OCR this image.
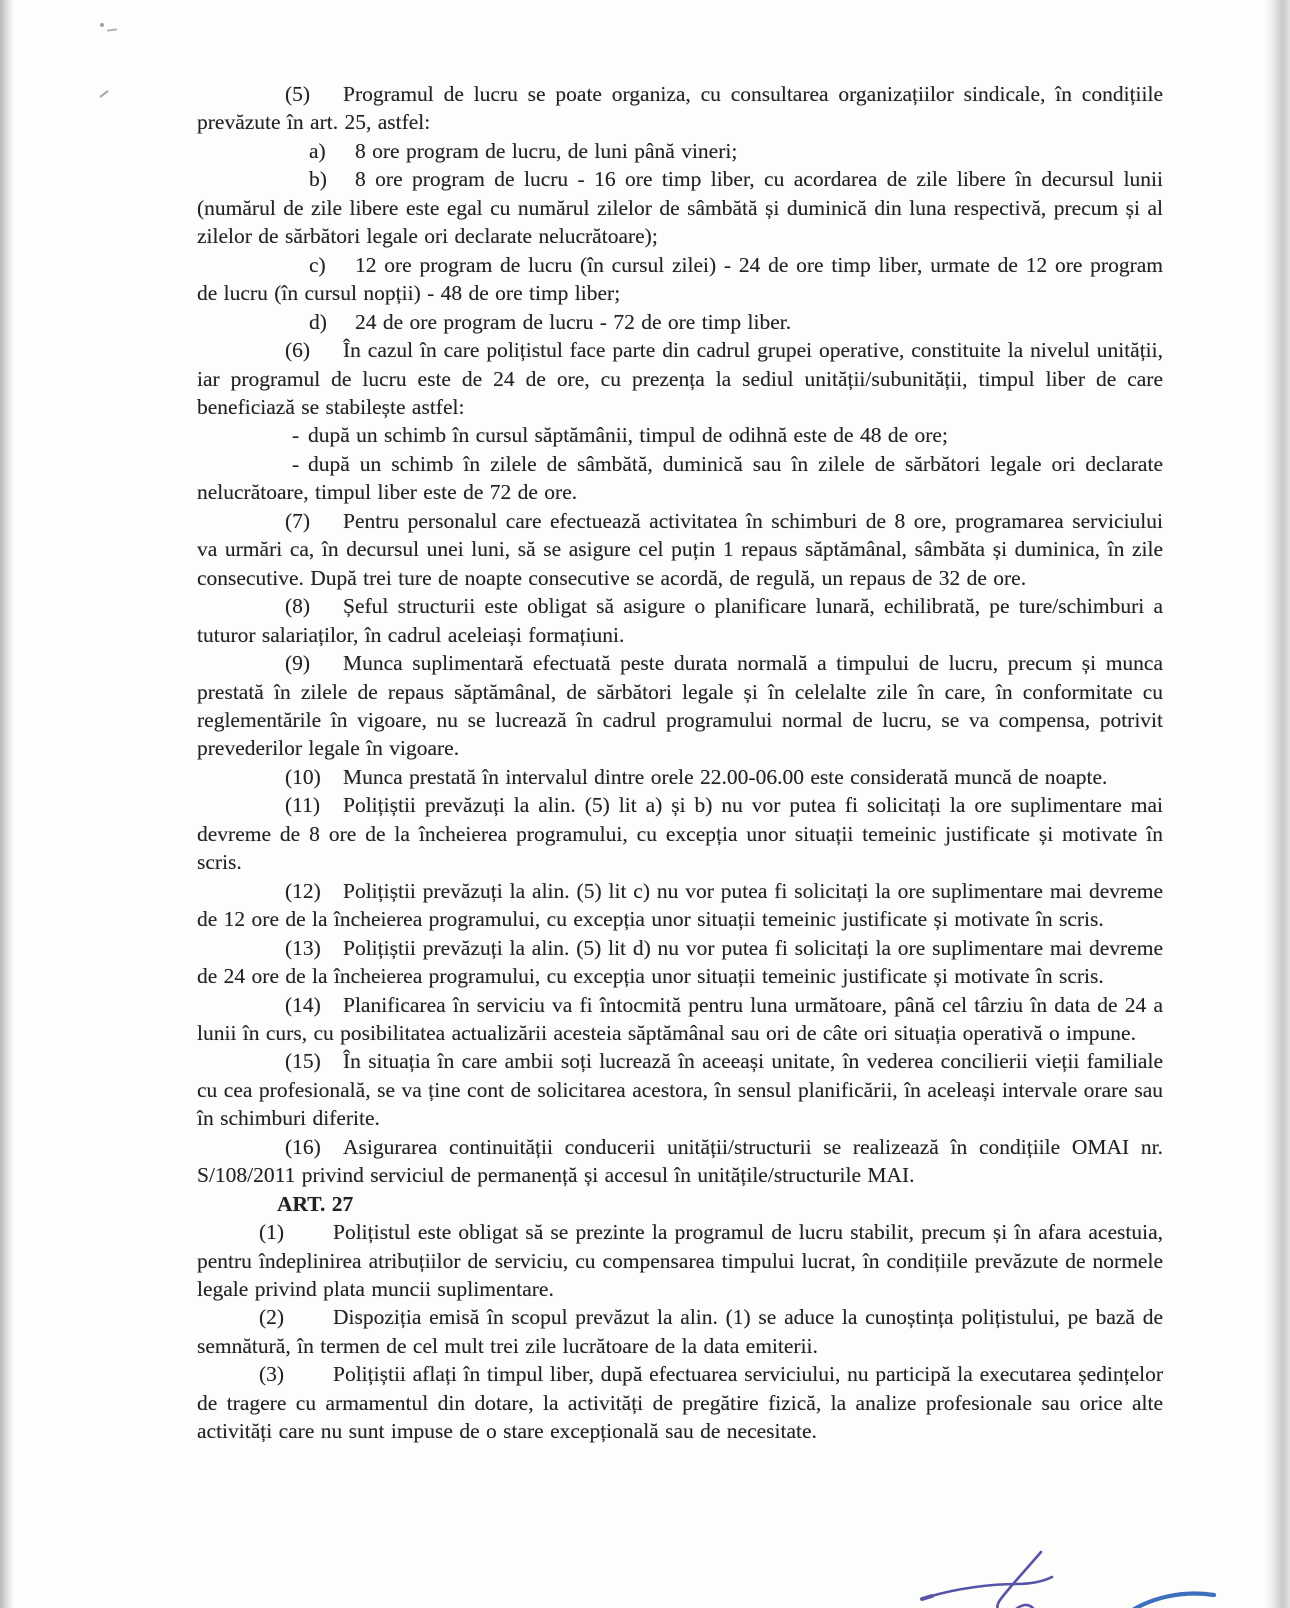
(5) Programul de lucru se poate organiza, cu consultarea organizațiilor sindicale, în condițiile prevăzute în art. 25, astfel:

a) 8 ore program de lucru, de luni până vineri;

b) 8 ore program de lucru - 16 ore timp liber, cu acordarea de zile libere în decursul lunii (numărul de zile libere este egal cu numărul zilelor de sâmbătă și duminică din luna respectivă, precum și al zilelor de sărbători legale ori declarate nelucrătoare);

c) 12 ore program de lucru (în cursul zilei) - 24 de ore timp liber, urmate de 12 ore program de lucru (în cursul nopții) - 48 de ore timp liber;

d) 24 de ore program de lucru - 72 de ore timp liber.

(6) În cazul în care polițistul face parte din cadrul grupei operative, constituite la nivelul unității, iar programul de lucru este de 24 de ore, cu prezența la sediul unității/subunității, timpul liber de care beneficiază se stabilește astfel:

- după un schimb în cursul săptămânii, timpul de odihnă este de 48 de ore;

- după un schimb în zilele de sâmbătă, duminică sau în zilele de sărbători legale ori declarate nelucrătoare, timpul liber este de 72 de ore.

(7) Pentru personalul care efectuează activitatea în schimburi de 8 ore, programarea serviciului va urmări ca, în decursul unei luni, să se asigure cel puțin 1 repaus săptămânal, sâmbăta și duminica, în zile consecutive. După trei ture de noapte consecutive se acordă, de regulă, un repaus de 32 de ore.

(8) Șeful structurii este obligat să asigure o planificare lunară, echilibrată, pe ture/schimburi a tuturor salariaților, în cadrul aceleiași formațiuni.

(9) Munca suplimentară efectuată peste durata normală a timpului de lucru, precum și munca prestată în zilele de repaus săptămânal, de sărbători legale și în celelalte zile în care, în conformitate cu reglementările în vigoare, nu se lucrează în cadrul programului normal de lucru, se va compensa, potrivit prevederilor legale în vigoare.

(10) Munca prestată în intervalul dintre orele 22.00-06.00 este considerată muncă de noapte.

(11) Polițiștii prevăzuți la alin. (5) lit a) și b) nu vor putea fi solicitați la ore suplimentare mai devreme de 8 ore de la încheierea programului, cu excepția unor situații temeinic justificate și motivate în scris.

(12) Polițiștii prevăzuți la alin. (5) lit c) nu vor putea fi solicitați la ore suplimentare mai devreme de 12 ore de la încheierea programului, cu excepția unor situații temeinic justificate și motivate în scris.

(13) Polițiștii prevăzuți la alin. (5) lit d) nu vor putea fi solicitați la ore suplimentare mai devreme de 24 ore de la încheierea programului, cu excepția unor situații temeinic justificate și motivate în scris.

(14) Planificarea în serviciu va fi întocmită pentru luna următoare, până cel târziu în data de 24 a lunii în curs, cu posibilitatea actualizării acesteia săptămânal sau ori de câte ori situația operativă o impune.

(15) În situația în care ambii soți lucrează în aceeași unitate, în vederea concilierii vieții familiale cu cea profesională, se va ține cont de solicitarea acestora, în sensul planificării, în aceleași intervale orare sau în schimburi diferite.

(16) Asigurarea continuității conducerii unității/structurii se realizează în condițiile OMAI nr. S/108/2011 privind serviciul de permanență și accesul în unitățile/structurile MAI.

ART. 27

(1) Polițistul este obligat să se prezinte la programul de lucru stabilit, precum și în afara acestuia, pentru îndeplinirea atribuțiilor de serviciu, cu compensarea timpului lucrat, în condițiile prevăzute de normele legale privind plata muncii suplimentare.

(2) Dispoziția emisă în scopul prevăzut la alin. (1) se aduce la cunoștința polițistului, pe bază de semnătură, în termen de cel mult trei zile lucrătoare de la data emiterii.

(3) Polițiștii aflați în timpul liber, după efectuarea serviciului, nu participă la executarea ședințelor de tragere cu armamentul din dotare, la activități de pregătire fizică, la analize profesionale sau orice alte activități care nu sunt impuse de o stare excepțională sau de necesitate.
